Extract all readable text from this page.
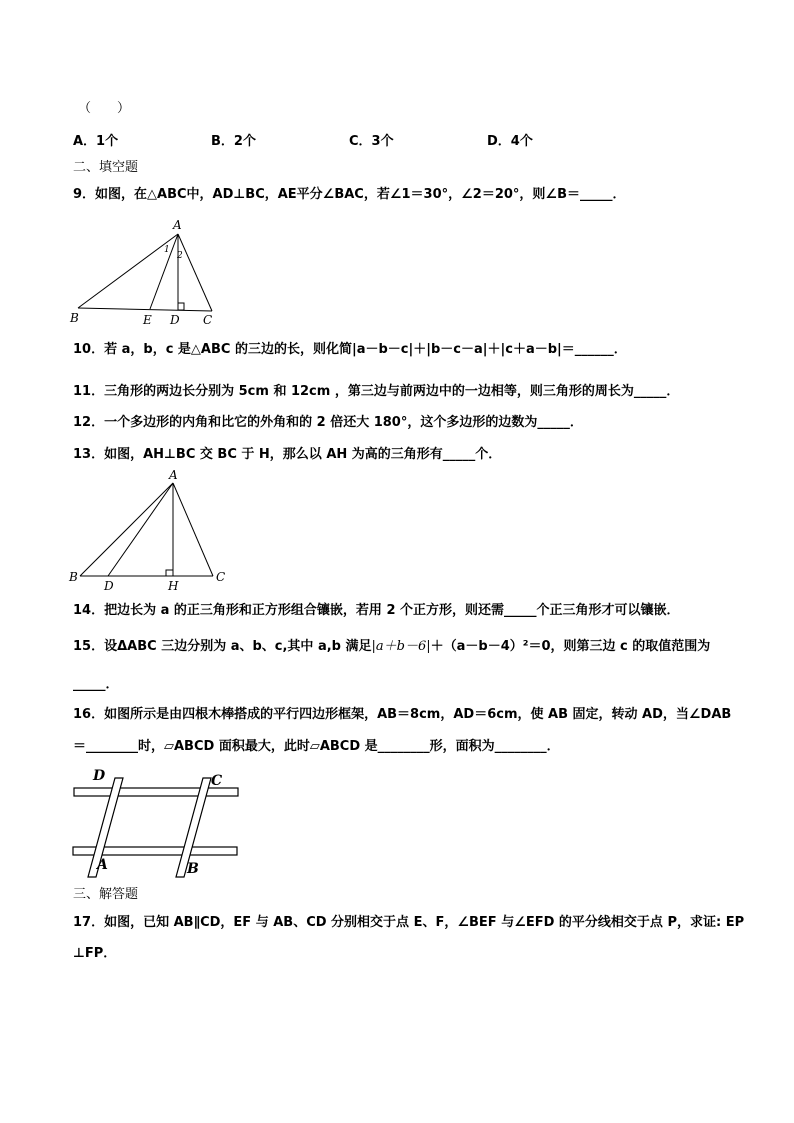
（　　）
A．1个	B．2个	C．3个	D．4个
二、填空题
9．如图，在△ABC中，AD⊥BC，AE平分∠BAC，若∠1＝30°，∠2＝20°，则∠B＝_____．
A
B	E D C
1
2
10．若 a，b，c 是△ABC 的三边的长，则化简|a－b－c|＋|b－c－a|＋|c＋a－b|＝______．
11．三角形的两边长分别为 5cm 和 12cm ，第三边与前两边中的一边相等，则三角形的周长为_____．
12．一个多边形的内角和比它的外角和的 2 倍还大 180°，这个多边形的边数为_____．
13．如图，AH⊥BC 交 BC 于 H，那么以 AH 为高的三角形有_____个．
A
B
D	H
C
14．把边长为 a 的正三角形和正方形组合镶嵌，若用 2 个正方形，则还需_____个正三角形才可以镶嵌．
15．设ΔABC 三边分别为 a、b、c,其中 a,b 满足|a＋b－6|＋（a－b－4）²＝0，则第三边 c 的取值范围为
_____．
16．如图所示是由四根木棒搭成的平行四边形框架，AB＝8cm，AD＝6cm，使 AB 固定，转动 AD，当∠DAB
＝________时，▱ABCD 面积最大，此时▱ABCD 是________形，面积为________．
D	C
A	B
三、解答题
17．如图，已知 AB∥CD，EF 与 AB、CD 分别相交于点 E、F，∠BEF 与∠EFD 的平分线相交于点 P，求证: EP
⊥FP．
